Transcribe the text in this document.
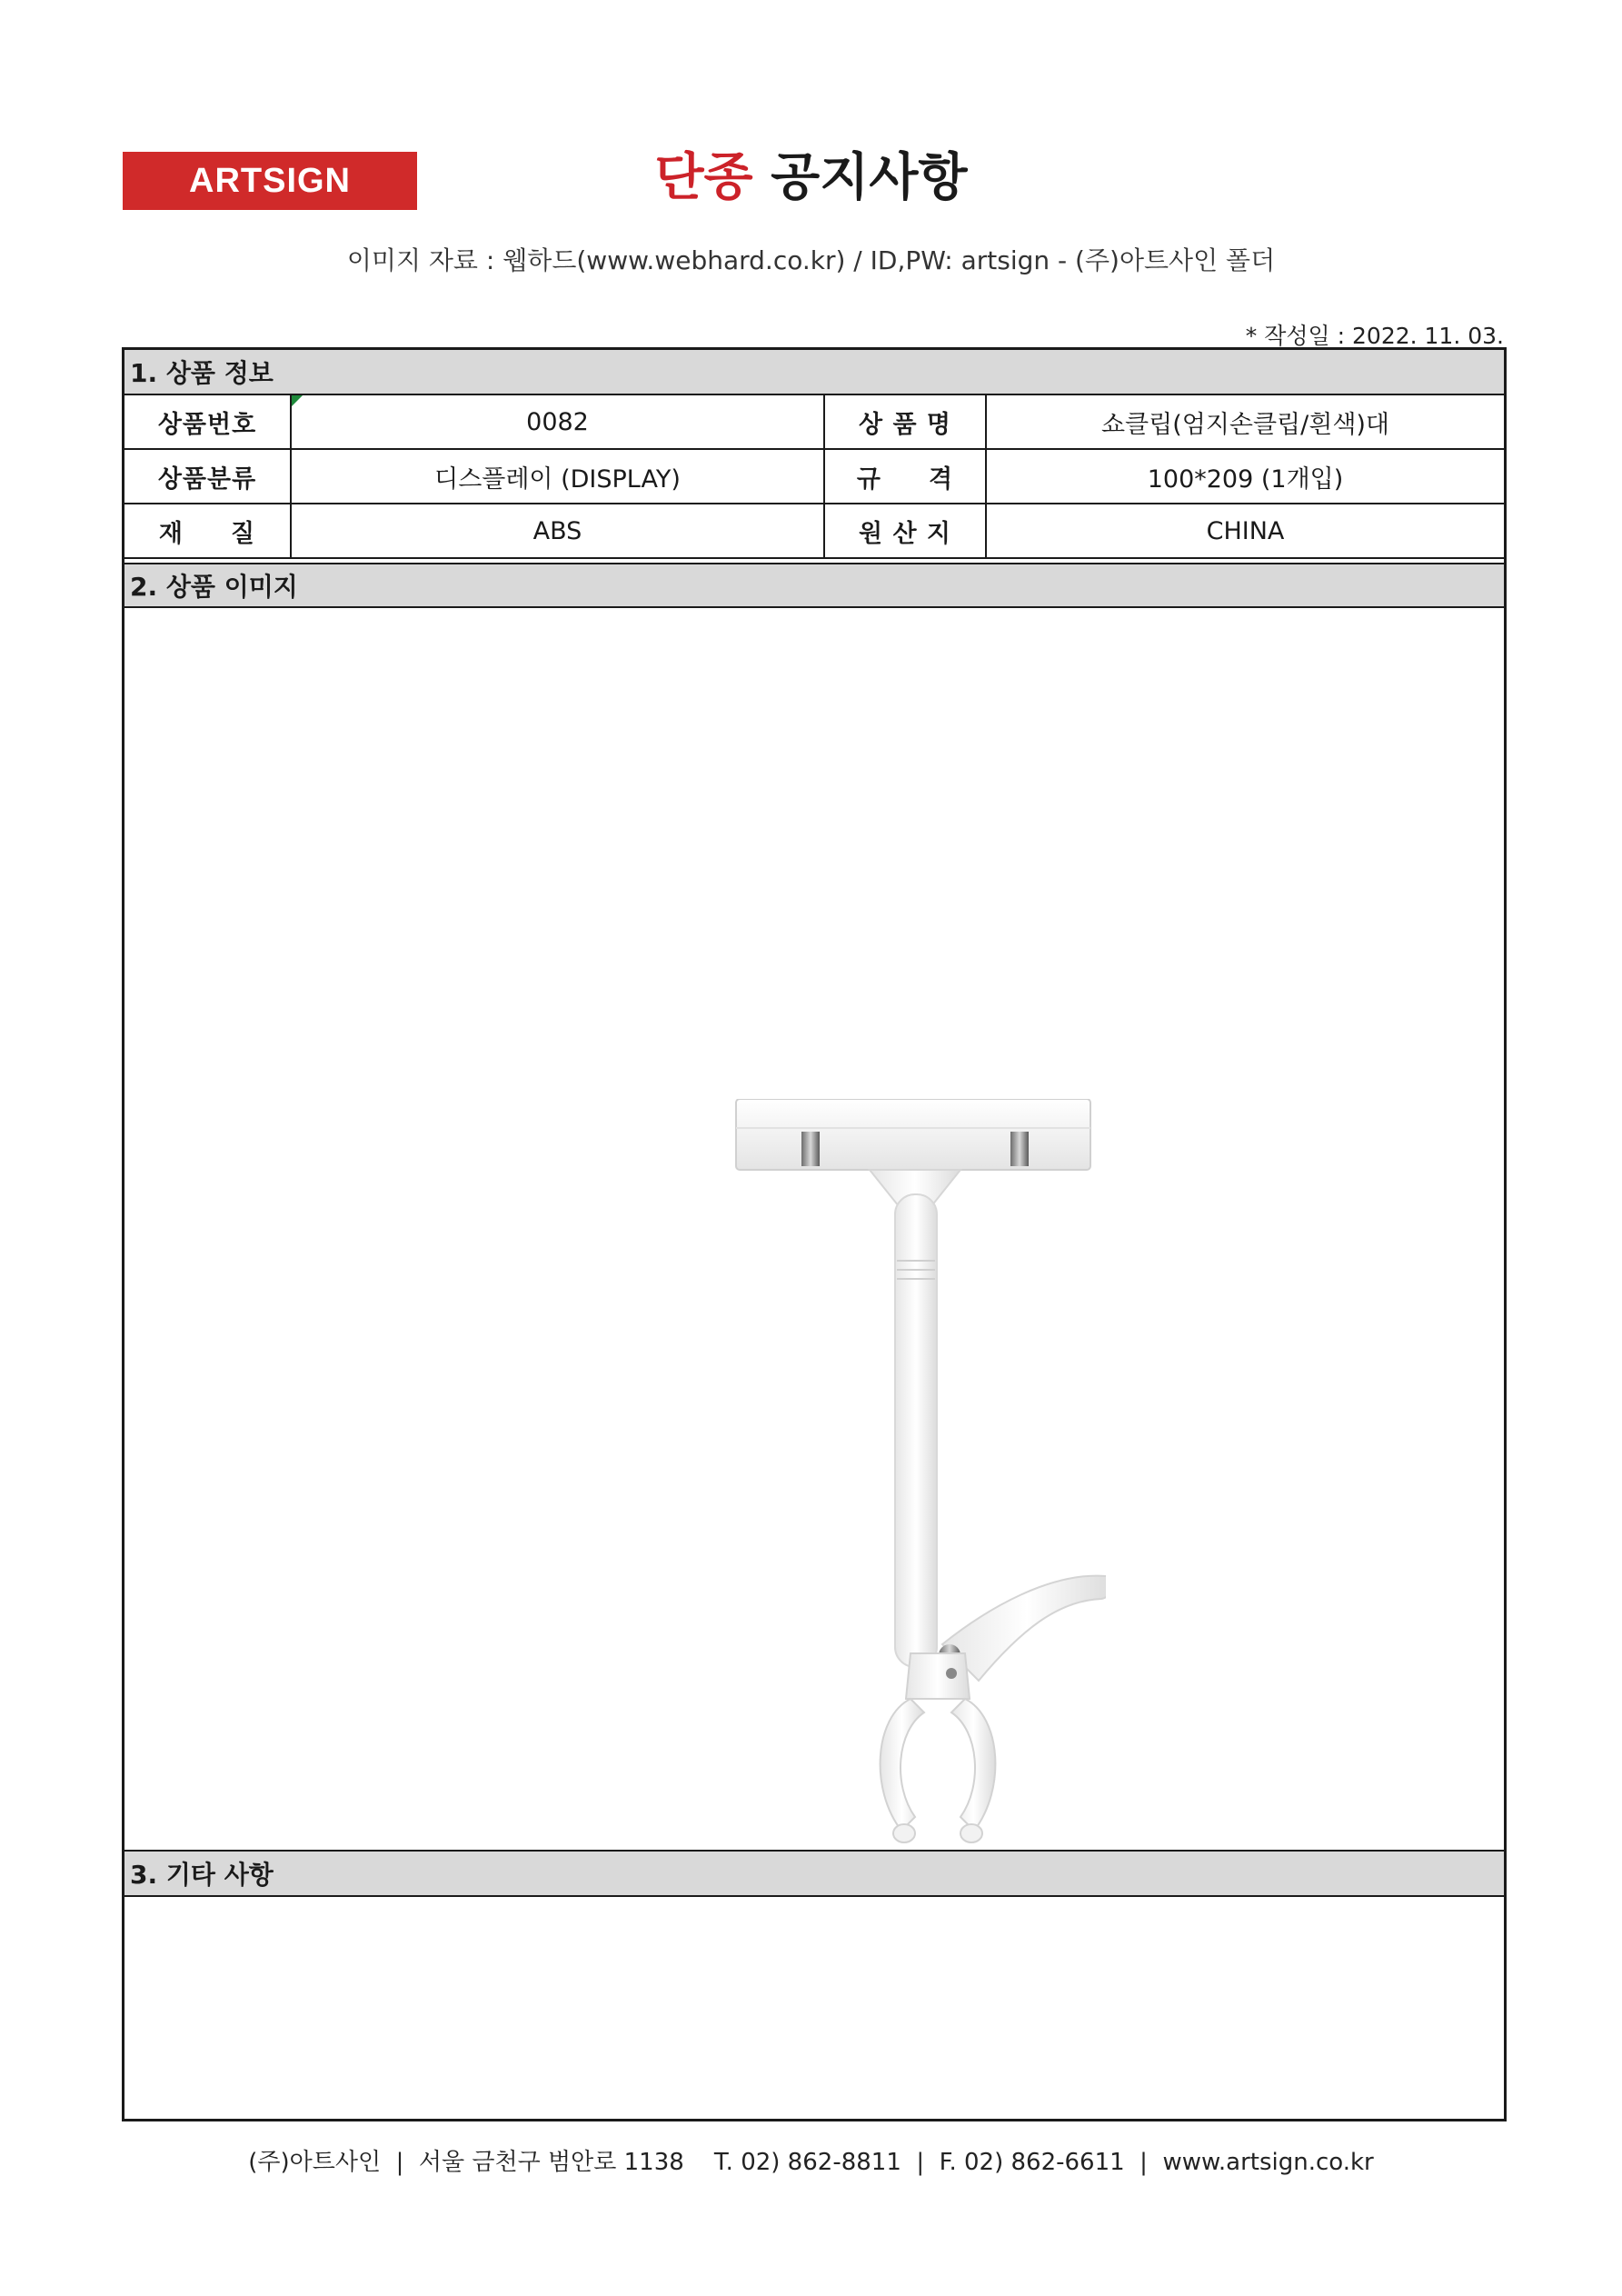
ARTSIGN	단종 공지사항
이미지 자료 : 웹하드(www.webhard.co.kr) / ID,PW: artsign - (주)아트사인 폴더
* 작성일 : 2022. 11. 03.
1. 상품 정보
상품번호	0082	상 품 명	쇼클립(엄지손클립/흰색)대
상품분류	디스플레이 (DISPLAY)	규     격	100*209 (1개입)
재     질	ABS	원 산 지	CHINA
2. 상품 이미지
3. 기타 사항
(주)아트사인  |  서울 금천구 범안로 1138    T. 02) 862-8811  |  F. 02) 862-6611  |  www.artsign.co.kr
